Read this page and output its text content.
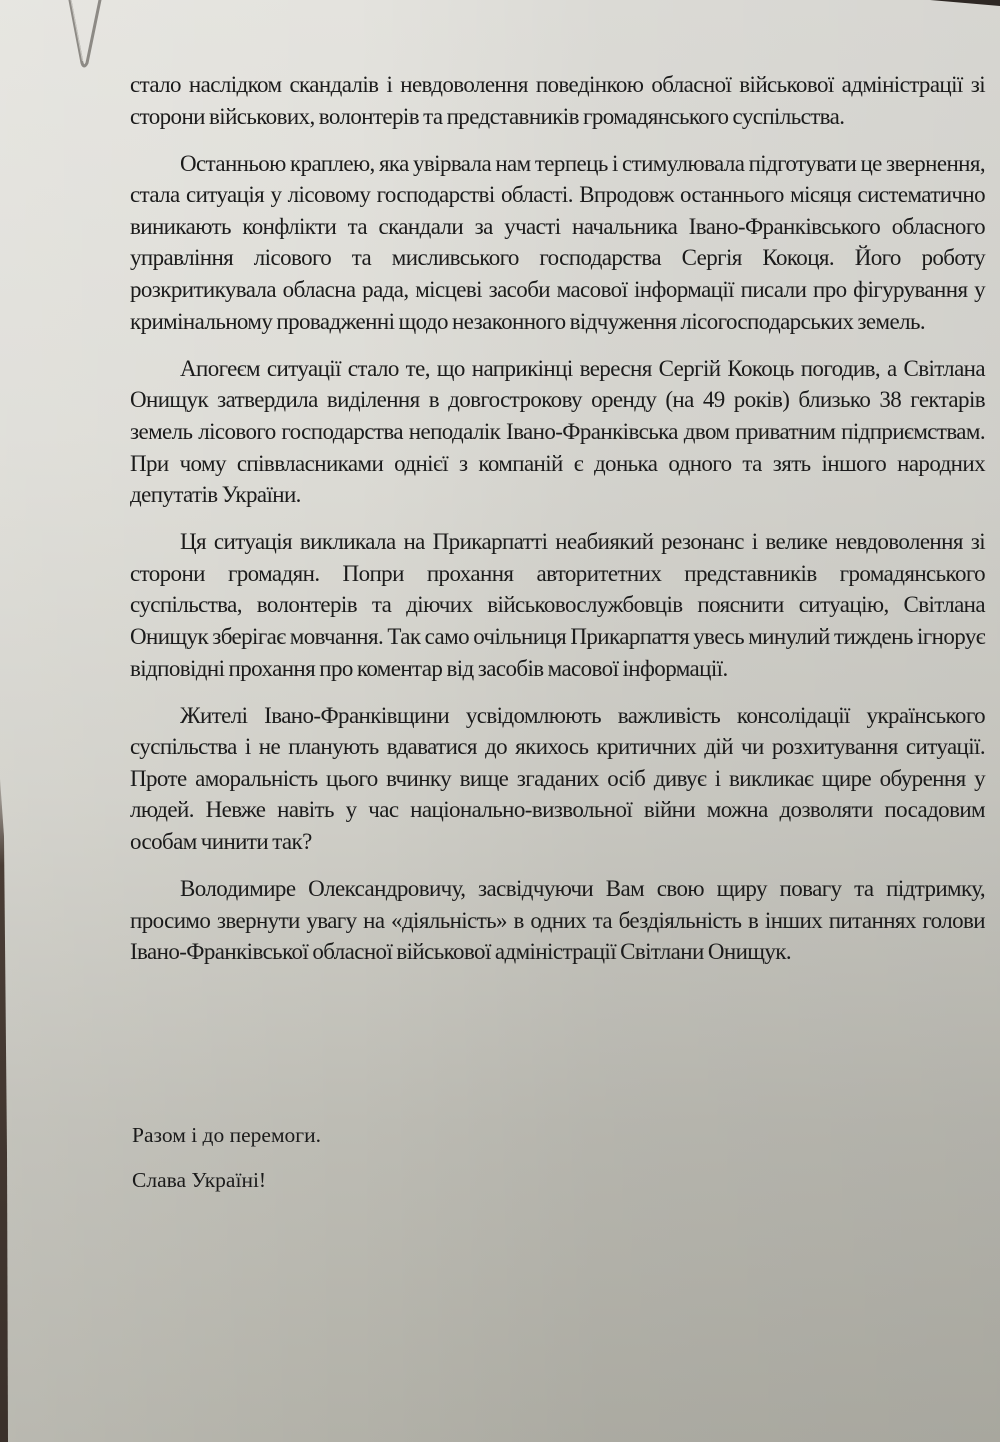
стало наслідком скандалів і невдоволення поведінкою обласної військової адміністрації зі сторони військових, волонтерів та представників громадянського суспільства.

Останньою краплею, яка увірвала нам терпець і стимулювала підготувати це звернення, стала ситуація у лісовому господарстві області. Впродовж останнього місяця систематично виникають конфлікти та скандали за участі начальника Івано-Франківського обласного управління лісового та мисливського господарства Сергія Кокоця. Його роботу розкритикувала обласна рада, місцеві засоби масової інформації писали про фігурування у кримінальному провадженні щодо незаконного відчуження лісогосподарських земель.

Апогеєм ситуації стало те, що наприкінці вересня Сергій Кокоць погодив, а Світлана Онищук затвердила виділення в довгострокову оренду (на 49 років) близько 38 гектарів земель лісового господарства неподалік Івано-Франківська двом приватним підприємствам. При чому співвласниками однієї з компаній є донька одного та зять іншого народних депутатів України.

Ця ситуація викликала на Прикарпатті неабиякий резонанс і велике невдоволення зі сторони громадян. Попри прохання авторитетних представників громадянського суспільства, волонтерів та діючих військовослужбовців пояснити ситуацію, Світлана Онищук зберігає мовчання. Так само очільниця Прикарпаття увесь минулий тиждень ігнорує відповідні прохання про коментар від засобів масової інформації.

Жителі Івано-Франківщини усвідомлюють важливість консолідації українського суспільства і не планують вдаватися до якихось критичних дій чи розхитування ситуації. Проте аморальність цього вчинку вище згаданих осіб дивує і викликає щире обурення у людей. Невже навіть у час національно-визвольної війни можна дозволяти посадовим особам чинити так?

Володимире Олександровичу, засвідчуючи Вам свою щиру повагу та підтримку, просимо звернути увагу на «діяльність» в одних та бездіяльність в інших питаннях голови Івано-Франківської обласної військової адміністрації Світлани Онищук.

Разом і до перемоги.

Слава Україні!
